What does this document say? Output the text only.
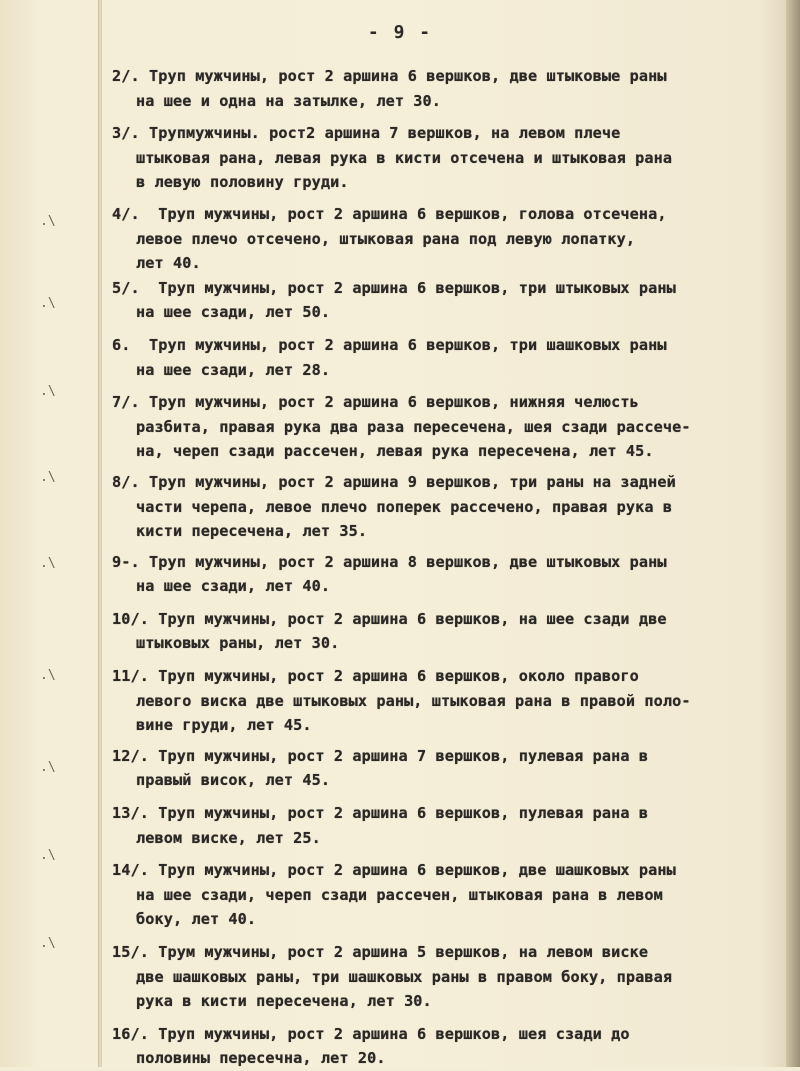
.\
.\
.\
.\
.\
.\
.\
.\
.\
- 9 -
2/. Труп мужчины, рост 2 аршина 6 вершков, две штыковые раны
на шее и одна на затылке, лет 30.
3/. Трупмужчины. рост2 аршина 7 вершков, на левом плече
штыковая рана, левая рука в кисти отсечена и штыковая рана
в левую половину груди.
4/.  Труп мужчины, рост 2 аршина 6 вершков, голова отсечена,
левое плечо отсечено, штыковая рана под левую лопатку,
лет 40.
5/.  Труп мужчины, рост 2 аршина 6 вершков, три штыковых раны
на шее сзади, лет 50.
6.  Труп мужчины, рост 2 аршина 6 вершков, три шашковых раны
на шее сзади, лет 28.
7/. Труп мужчины, рост 2 аршина 6 вершков, нижняя челюсть
разбита, правая рука два раза пересечена, шея сзади рассече-
на, череп сзади рассечен, левая рука пересечена, лет 45.
8/. Труп мужчины, рост 2 аршина 9 вершков, три раны на задней
части черепа, левое плечо поперек рассечено, правая рука в
кисти пересечена, лет 35.
9-. Труп мужчины, рост 2 аршина 8 вершков, две штыковых раны
на шее сзади, лет 40.
10/. Труп мужчины, рост 2 аршина 6 вершков, на шее сзади две
штыковых раны, лет 30.
11/. Труп мужчины, рост 2 аршина 6 вершков, около правого
левого виска две штыковых раны, штыковая рана в правой поло-
вине груди, лет 45.
12/. Труп мужчины, рост 2 аршина 7 вершков, пулевая рана в
правый висок, лет 45.
13/. Труп мужчины, рост 2 аршина 6 вершков, пулевая рана в
левом виске, лет 25.
14/. Труп мужчины, рост 2 аршина 6 вершков, две шашковых раны
на шее сзади, череп сзади рассечен, штыковая рана в левом
боку, лет 40.
15/. Трум мужчины, рост 2 аршина 5 вершков, на левом виске
две шашковых раны, три шашковых раны в правом боку, правая
рука в кисти пересечена, лет 30.
16/. Труп мужчины, рост 2 аршина 6 вершков, шея сзади до
половины пересечна, лет 20.
